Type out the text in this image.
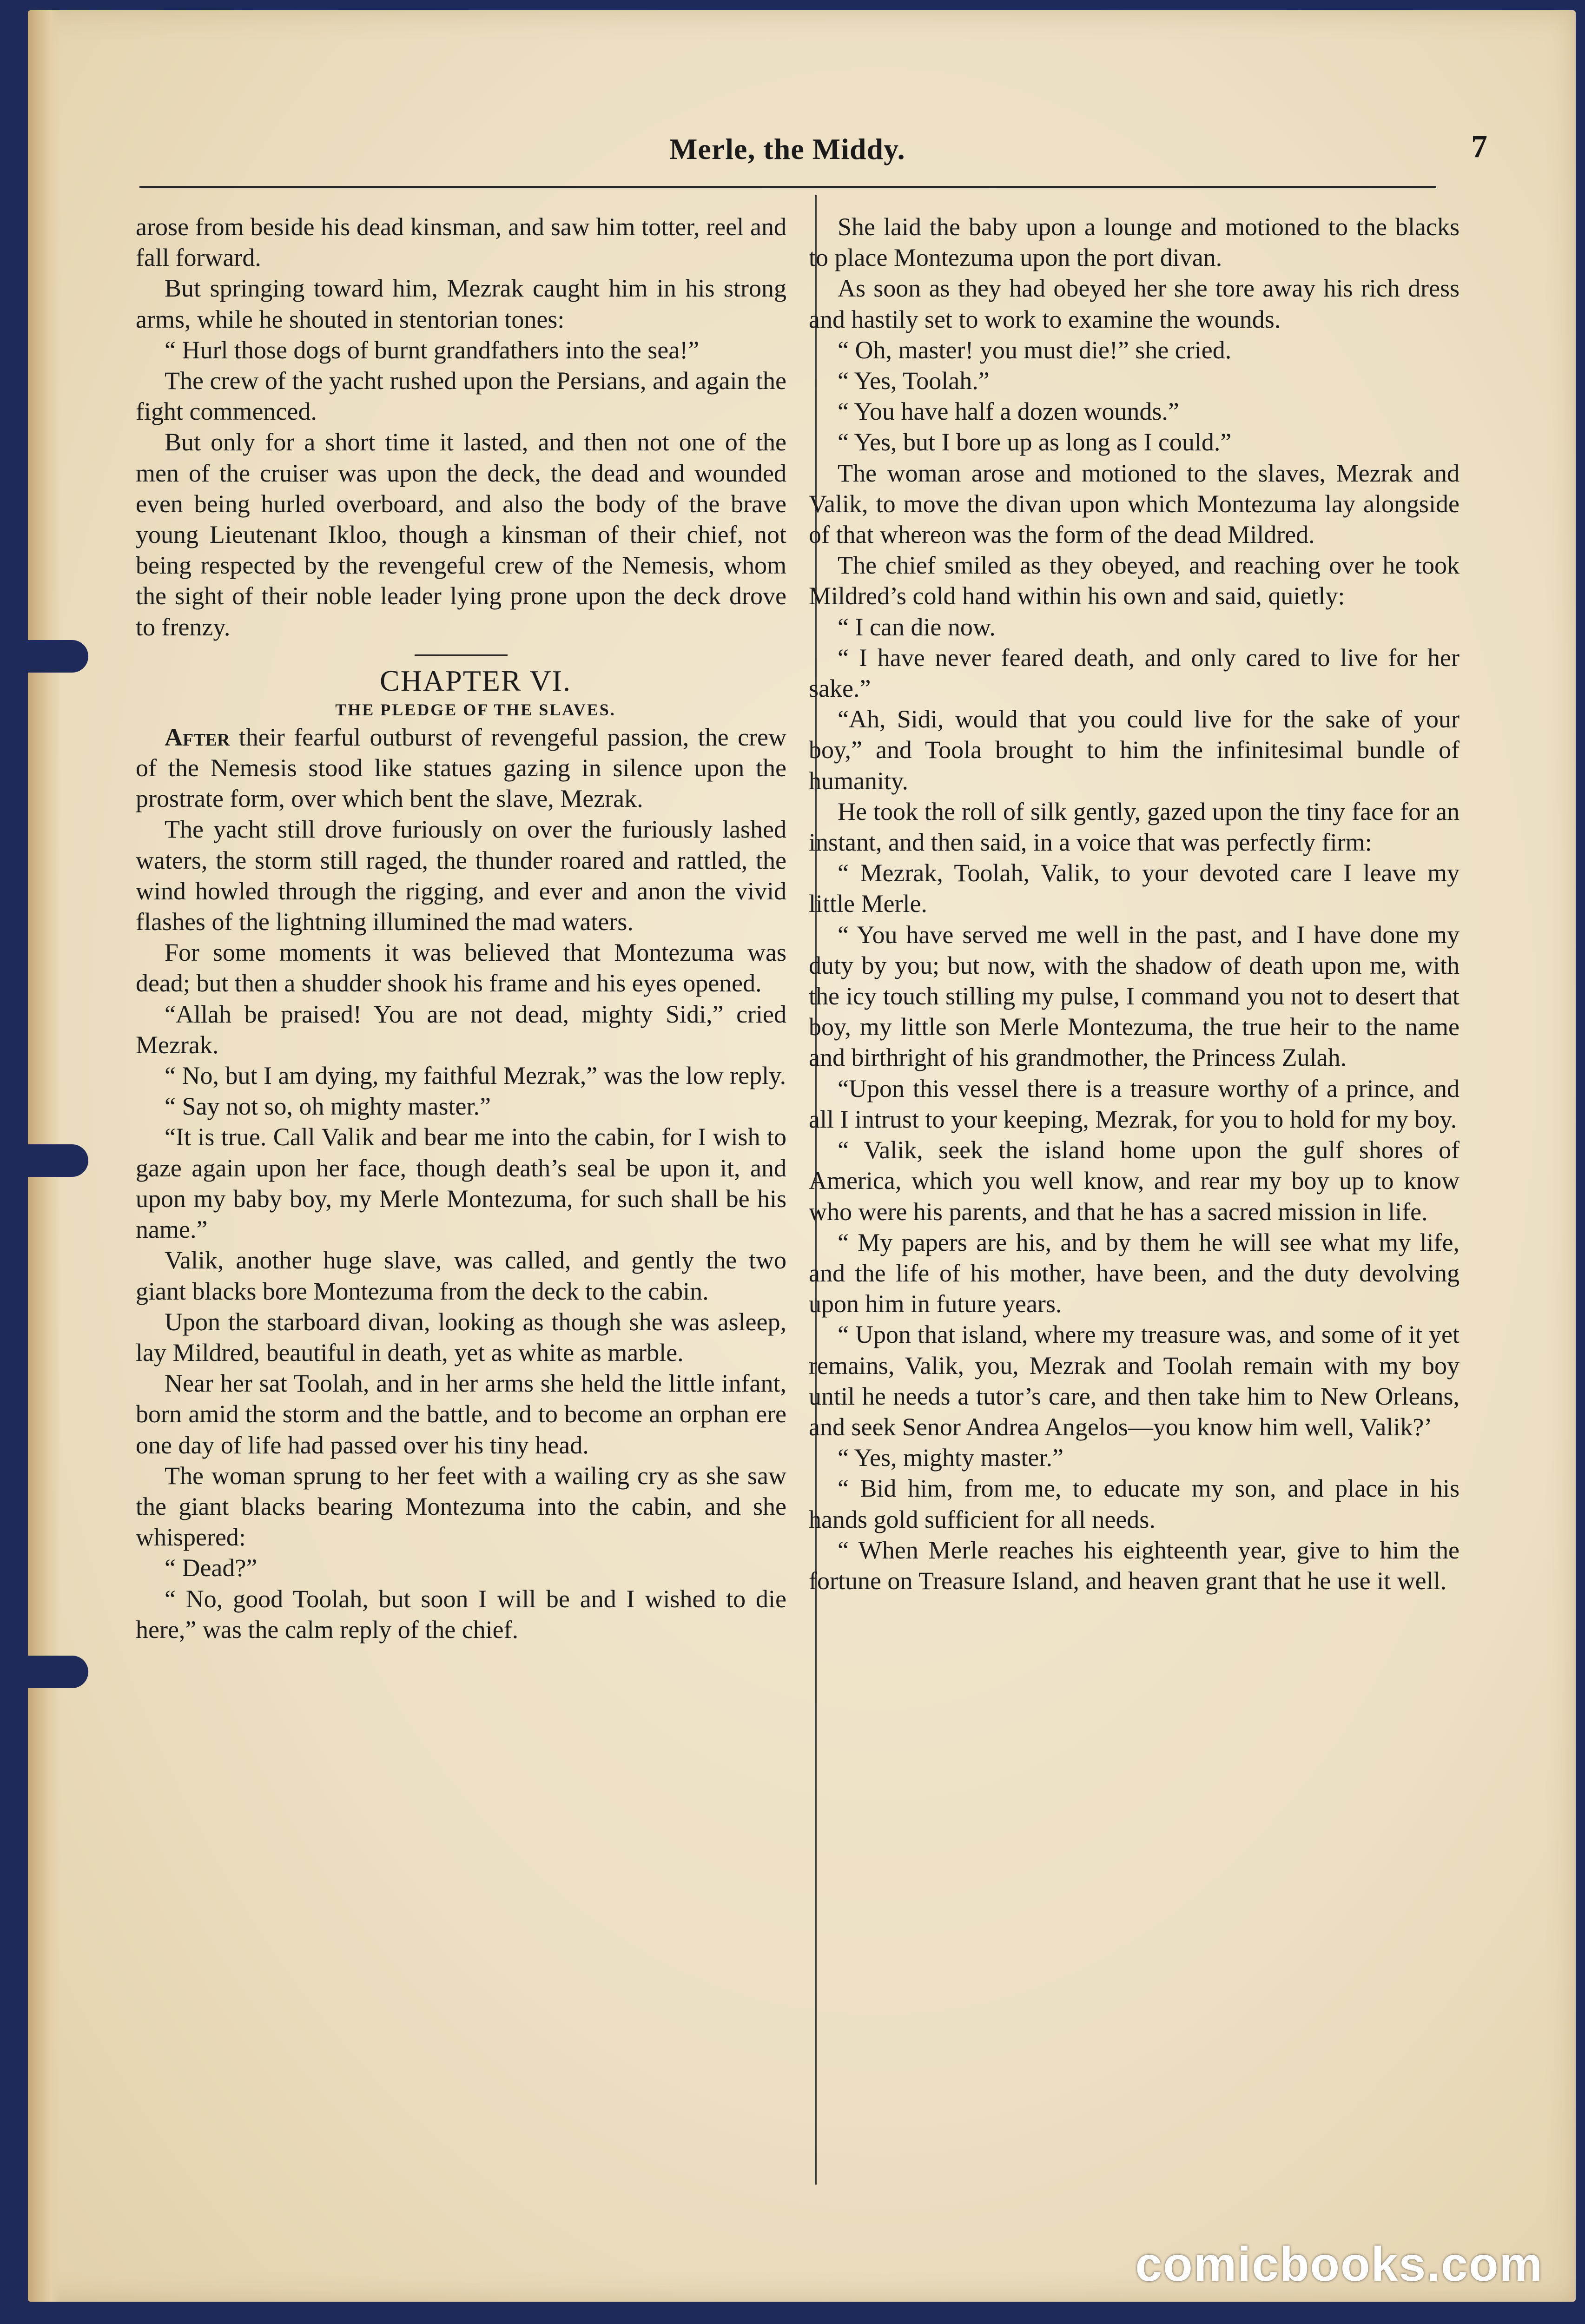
Merle, the Middy.	7

arose from beside his dead kinsman, and saw him totter, reel and fall forward.

But springing toward him, Mezrak caught him in his strong arms, while he shouted in stentorian tones:

“ Hurl those dogs of burnt grandfathers into the sea!”

The crew of the yacht rushed upon the Persians, and again the fight commenced.

But only for a short time it lasted, and then not one of the men of the cruiser was upon the deck, the dead and wounded even being hurled overboard, and also the body of the brave young Lieutenant Ikloo, though a kinsman of their chief, not being respected by the revengeful crew of the Nemesis, whom the sight of their noble leader lying prone upon the deck drove to frenzy.

CHAPTER VI.

THE PLEDGE OF THE SLAVES.

After their fearful outburst of revengeful passion, the crew of the Nemesis stood like statues gazing in silence upon the prostrate form, over which bent the slave, Mezrak.

The yacht still drove furiously on over the furiously lashed waters, the storm still raged, the thunder roared and rattled, the wind howled through the rigging, and ever and anon the vivid flashes of the lightning illumined the mad waters.

For some moments it was believed that Montezuma was dead; but then a shudder shook his frame and his eyes opened.

“Allah be praised! You are not dead, mighty Sidi,” cried Mezrak.

“ No, but I am dying, my faithful Mezrak,” was the low reply.

“ Say not so, oh mighty master.”

“It is true. Call Valik and bear me into the cabin, for I wish to gaze again upon her face, though death’s seal be upon it, and upon my baby boy, my Merle Montezuma, for such shall be his name.”

Valik, another huge slave, was called, and gently the two giant blacks bore Montezuma from the deck to the cabin.

Upon the starboard divan, looking as though she was asleep, lay Mildred, beautiful in death, yet as white as marble.

Near her sat Toolah, and in her arms she held the little infant, born amid the storm and the battle, and to become an orphan ere one day of life had passed over his tiny head.

The woman sprung to her feet with a wailing cry as she saw the giant blacks bearing Montezuma into the cabin, and she whispered:

“ Dead?”

“ No, good Toolah, but soon I will be and I wished to die here,” was the calm reply of the chief.

She laid the baby upon a lounge and motioned to the blacks to place Montezuma upon the port divan.

As soon as they had obeyed her she tore away his rich dress and hastily set to work to examine the wounds.

“ Oh, master! you must die!” she cried.

“ Yes, Toolah.”

“ You have half a dozen wounds.”

“ Yes, but I bore up as long as I could.”

The woman arose and motioned to the slaves, Mezrak and Valik, to move the divan upon which Montezuma lay alongside of that whereon was the form of the dead Mildred.

The chief smiled as they obeyed, and reaching over he took Mildred’s cold hand within his own and said, quietly:

“ I can die now.

“ I have never feared death, and only cared to live for her sake.”

“Ah, Sidi, would that you could live for the sake of your boy,” and Toola brought to him the infinitesimal bundle of humanity.

He took the roll of silk gently, gazed upon the tiny face for an instant, and then said, in a voice that was perfectly firm:

“ Mezrak, Toolah, Valik, to your devoted care I leave my little Merle.

“ You have served me well in the past, and I have done my duty by you; but now, with the shadow of death upon me, with the icy touch stilling my pulse, I command you not to desert that boy, my little son Merle Montezuma, the true heir to the name and birthright of his grandmother, the Princess Zulah.

“Upon this vessel there is a treasure worthy of a prince, and all I intrust to your keeping, Mezrak, for you to hold for my boy.

“ Valik, seek the island home upon the gulf shores of America, which you well know, and rear my boy up to know who were his parents, and that he has a sacred mission in life.

“ My papers are his, and by them he will see what my life, and the life of his mother, have been, and the duty devolving upon him in future years.

“ Upon that island, where my treasure was, and some of it yet remains, Valik, you, Mezrak and Toolah remain with my boy until he needs a tutor’s care, and then take him to New Orleans, and seek Senor Andrea Angelos—you know him well, Valik?’

“ Yes, mighty master.”

“ Bid him, from me, to educate my son, and place in his hands gold sufficient for all needs.

“ When Merle reaches his eighteenth year, give to him the fortune on Treasure Island, and heaven grant that he use it well.

comicbooks.com
